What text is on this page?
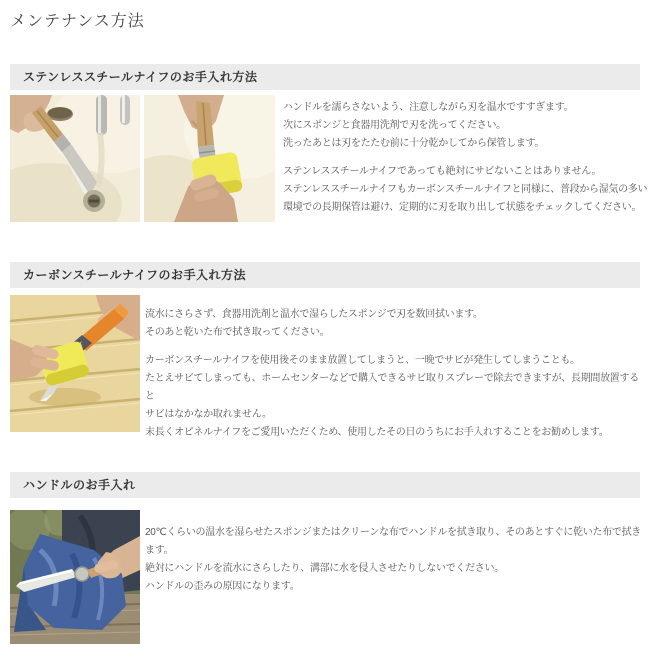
メンテナンス方法
ステンレススチールナイフのお手入れ方法
ハンドルを濡らさないよう、注意しながら刃を温水ですすぎます。
次にスポンジと食器用洗剤で刃を洗ってください。
洗ったあとは刃をたたむ前に十分乾かしてから保管します。
ステンレススチールナイフであっても絶対にサビないことはありません。
ステンレススチールナイフもカーボンスチールナイフと同様に、普段から湿気の多い
環境での長期保管は避け、定期的に刃を取り出して状態をチェックしてください。
カーボンスチールナイフのお手入れ方法
流水にさらさず、食器用洗剤と温水で湿らしたスポンジで刃を数回拭います。
そのあと乾いた布で拭き取ってください。
カーボンスチールナイフを使用後そのまま放置してしまうと、一晩でサビが発生してしまうことも。
たとえサビてしまっても、ホームセンターなどで購入できるサビ取りスプレーで除去できますが、長期間放置すると
サビはなかなか取れません。
末長くオピネルナイフをご愛用いただくため、使用したその日のうちにお手入れすることをお勧めします。
ハンドルのお手入れ
20℃くらいの温水を湿らせたスポンジまたはクリーンな布でハンドルを拭き取り、そのあとすぐに乾いた布で拭きます。
絶対にハンドルを流水にさらしたり、溝部に水を侵入させたりしないでください。
ハンドルの歪みの原因になります。
